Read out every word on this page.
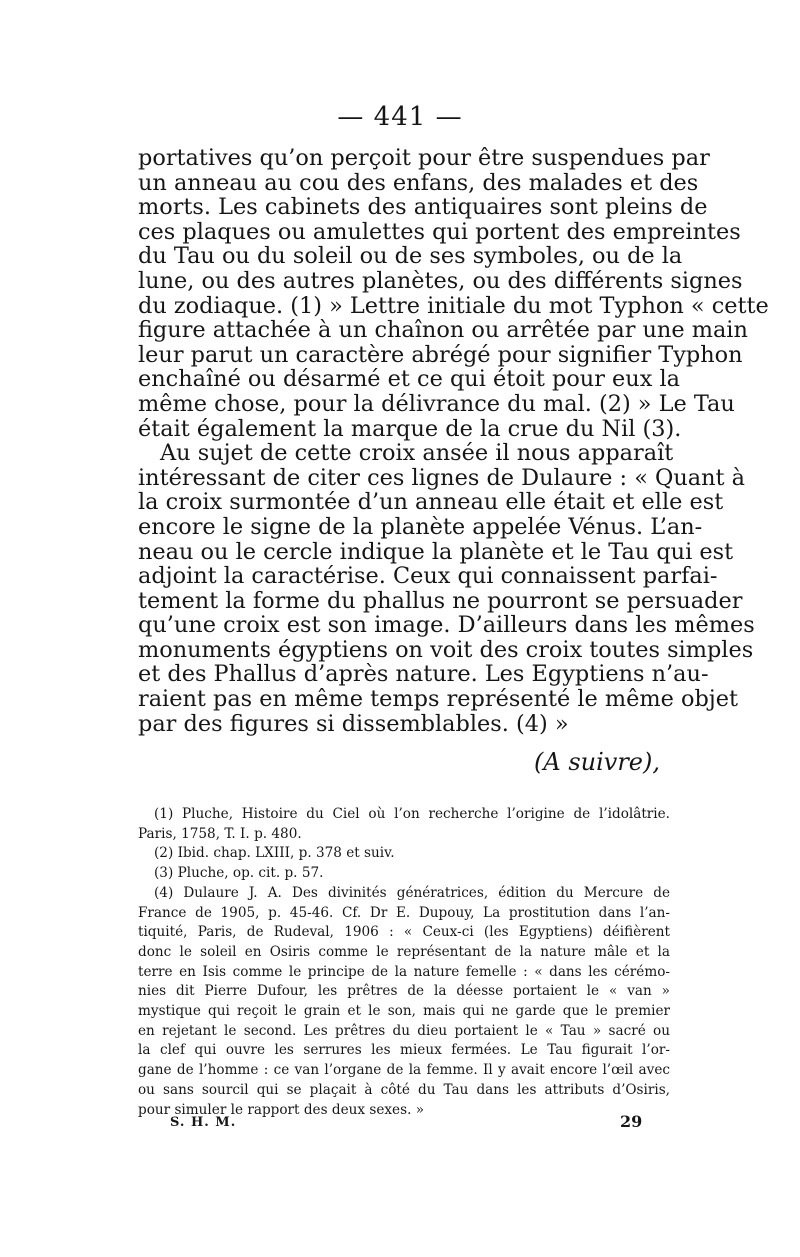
— 441 —
portatives qu’on perçoit pour être suspendues par
un anneau au cou des enfans, des malades et des
morts. Les cabinets des antiquaires sont pleins de
ces plaques ou amulettes qui portent des empreintes
du Tau ou du soleil ou de ses symboles, ou de la
lune, ou des autres planètes, ou des différents signes
du zodiaque. (1) » Lettre initiale du mot Typhon « cette
figure attachée à un chaînon ou arrêtée par une main
leur parut un caractère abrégé pour signifier Typhon
enchaîné ou désarmé et ce qui étoit pour eux la
même chose, pour la délivrance du mal. (2) » Le Tau
était également la marque de la crue du Nil (3).
Au sujet de cette croix ansée il nous apparaît
intéressant de citer ces lignes de Dulaure : « Quant à
la croix surmontée d’un anneau elle était et elle est
encore le signe de la planète appelée Vénus. L’an-
neau ou le cercle indique la planète et le Tau qui est
adjoint la caractérise. Ceux qui connaissent parfai-
tement la forme du phallus ne pourront se persuader
qu’une croix est son image. D’ailleurs dans les mêmes
monuments égyptiens on voit des croix toutes simples
et des Phallus d’après nature. Les Egyptiens n’au-
raient pas en même temps représenté le même objet
par des figures si dissemblables. (4) »
(A suivre),
(1) Pluche, Histoire du Ciel où l’on recherche l’origine de l’idolâtrie.
Paris, 1758, T. I. p. 480.
(2) Ibid. chap. LXIII, p. 378 et suiv.
(3) Pluche, op. cit. p. 57.
(4) Dulaure J. A. Des divinités génératrices, édition du Mercure de
France de 1905, p. 45-46. Cf. Dr E. Dupouy, La prostitution dans l’an-
tiquité, Paris, de Rudeval, 1906 : « Ceux-ci (les Egyptiens) déifièrent
donc le soleil en Osiris comme le représentant de la nature mâle et la
terre en Isis comme le principe de la nature femelle : « dans les cérémo-
nies dit Pierre Dufour, les prêtres de la déesse portaient le « van »
mystique qui reçoit le grain et le son, mais qui ne garde que le premier
en rejetant le second. Les prêtres du dieu portaient le « Tau » sacré ou
la clef qui ouvre les serrures les mieux fermées. Le Tau figurait l’or-
gane de l’homme : ce van l’organe de la femme. Il y avait encore l’œil avec
ou sans sourcil qui se plaçait à côté du Tau dans les attributs d’Osiris,
pour simuler le rapport des deux sexes. »
S. H. M.	29
